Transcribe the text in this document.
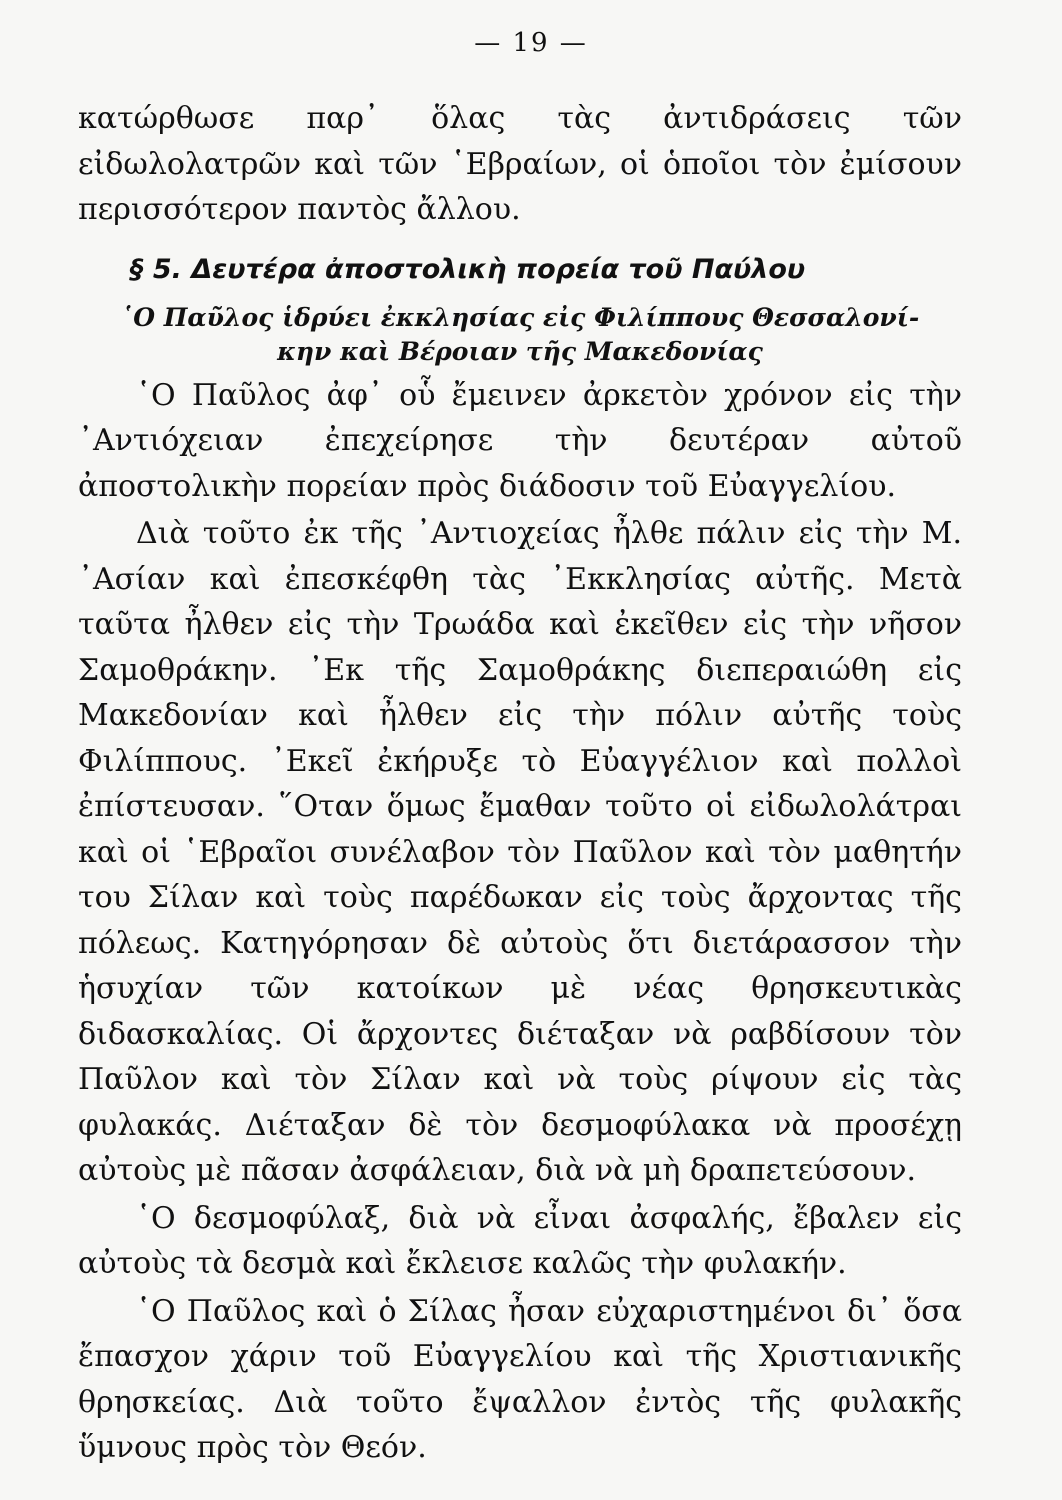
— 19 —

κατώρθωσε παρ᾿ ὅλας τὰς ἀντιδράσεις τῶν εἰδωλολατρῶν καὶ τῶν ῾Εβραίων, οἱ ὁποῖοι τὸν ἐμίσουν περισσότερον παντὸς ἄλλου.

§ 5. Δευτέρα ἀποστολικὴ πορεία τοῦ Παύλου
῾Ο Παῦλος ἱδρύει ἐκκλησίας εἰς Φιλίππους Θεσσαλονί-
κην καὶ Βέροιαν τῆς Μακεδονίας

῾Ο Παῦλος ἀφ᾿ οὗ ἔμεινεν ἀρκετὸν χρόνον εἰς τὴν ᾿Αντιόχειαν ἐπεχείρησε τὴν δευτέραν αὐτοῦ ἀποστολικὴν πορείαν πρὸς διάδοσιν τοῦ Εὐαγγελίου.

Διὰ τοῦτο ἐκ τῆς ᾿Αντιοχείας ἦλθε πάλιν εἰς τὴν Μ. ᾿Ασίαν καὶ ἐπεσκέφθη τὰς ᾿Εκκλησίας αὐτῆς. Μετὰ ταῦτα ἦλθεν εἰς τὴν Τρωάδα καὶ ἐκεῖθεν εἰς τὴν νῆσον Σαμοθράκην. ᾿Εκ τῆς Σαμοθράκης διεπεραιώθη εἰς Μακεδονίαν καὶ ἦλθεν εἰς τὴν πόλιν αὐτῆς τοὺς Φιλίππους. ᾿Εκεῖ ἐκήρυξε τὸ Εὐαγγέλιον καὶ πολλοὶ ἐπίστευσαν. ῞Οταν ὅμως ἔμαθαν τοῦτο οἱ εἰδωλολάτραι καὶ οἱ ῾Εβραῖοι συνέλαβον τὸν Παῦλον καὶ τὸν μαθητήν του Σίλαν καὶ τοὺς παρέδωκαν εἰς τοὺς ἄρχοντας τῆς πόλεως. Κατηγόρησαν δὲ αὐτοὺς ὅτι διετάρασσον τὴν ἡσυχίαν τῶν κατοίκων μὲ νέας θρησκευτικὰς διδασκαλίας. Οἱ ἄρχοντες διέταξαν νὰ ραβδίσουν τὸν Παῦλον καὶ τὸν Σίλαν καὶ νὰ τοὺς ρίψουν εἰς τὰς φυλακάς. Διέταξαν δὲ τὸν δεσμοφύλακα νὰ προσέχῃ αὐτοὺς μὲ πᾶσαν ἀσφάλειαν, διὰ νὰ μὴ δραπετεύσουν.

῾Ο δεσμοφύλαξ, διὰ νὰ εἶναι ἀσφαλής, ἔβαλεν εἰς αὐτοὺς τὰ δεσμὰ καὶ ἔκλεισε καλῶς τὴν φυλακήν.

῾Ο Παῦλος καὶ ὁ Σίλας ἦσαν εὐχαριστημένοι δι᾿ ὅσα ἔπασχον χάριν τοῦ Εὐαγγελίου καὶ τῆς Χριστιανικῆς θρησκείας. Διὰ τοῦτο ἔψαλλον ἐντὸς τῆς φυλακῆς ὕμνους πρὸς τὸν Θεόν.
